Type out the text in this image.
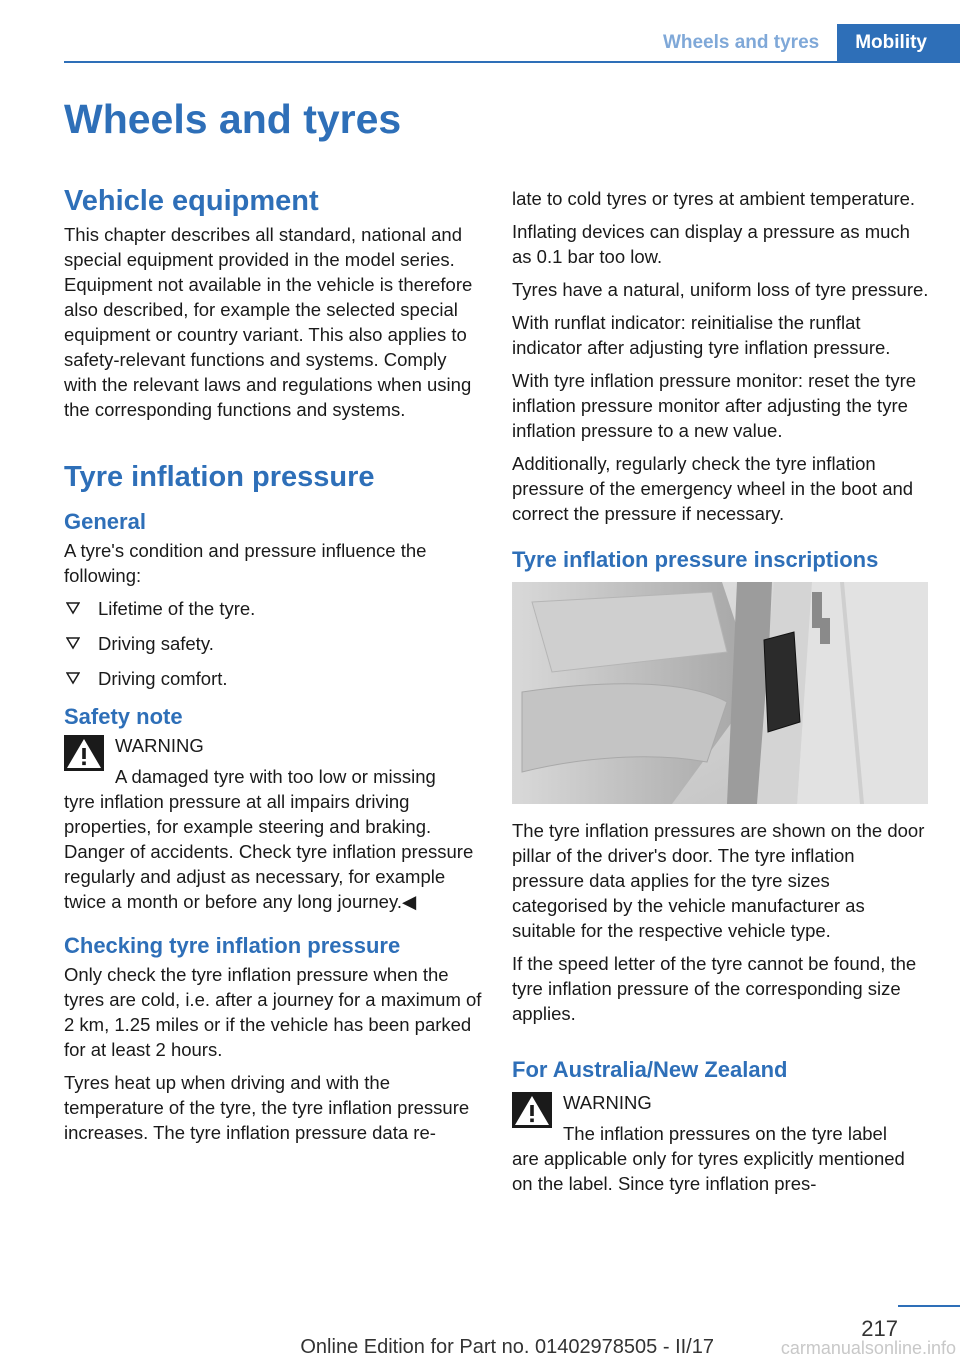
Wheels and tyres	Mobility
Wheels and tyres
Vehicle equipment

This chapter describes all standard, national and special equipment provided in the model series. Equipment not available in the vehicle is therefore also described, for example the selected special equipment or country variant. This also applies to safety-relevant functions and systems. Comply with the relevant laws and regulations when using the corresponding functions and systems.

Tyre inflation pressure
General

A tyre's condition and pressure influence the following:

Lifetime of the tyre.
Driving safety.
Driving comfort.
Safety note
WARNING
A damaged tyre with too low or missing

tyre inflation pressure at all impairs driving properties, for example steering and braking. Danger of accidents. Check tyre inflation pressure regularly and adjust as necessary, for example twice a month or before any long journey.◀

Checking tyre inflation pressure

Only check the tyre inflation pressure when the tyres are cold, i.e. after a journey for a maximum of 2 km, 1.25 miles or if the vehicle has been parked for at least 2 hours.

Tyres heat up when driving and with the temperature of the tyre, the tyre inflation pressure increases. The tyre inflation pressure data re-

late to cold tyres or tyres at ambient temperature.

Inflating devices can display a pressure as much as 0.1 bar too low.

Tyres have a natural, uniform loss of tyre pressure.

With runflat indicator: reinitialise the runflat indicator after adjusting tyre inflation pressure.

With tyre inflation pressure monitor: reset the tyre inflation pressure monitor after adjusting the tyre inflation pressure to a new value.

Additionally, regularly check the tyre inflation pressure of the emergency wheel in the boot and correct the pressure if necessary.

Tyre inflation pressure inscriptions

The tyre inflation pressures are shown on the door pillar of the driver's door. The tyre inflation pressure data applies for the tyre sizes categorised by the vehicle manufacturer as suitable for the respective vehicle type.

If the speed letter of the tyre cannot be found, the tyre inflation pressure of the corresponding size applies.

For Australia/New Zealand
WARNING
The inflation pressures on the tyre label

are applicable only for tyres explicitly mentioned on the label. Since tyre inflation pres-

217
Online Edition for Part no. 01402978505 - II/17	carmanualsonline.info
